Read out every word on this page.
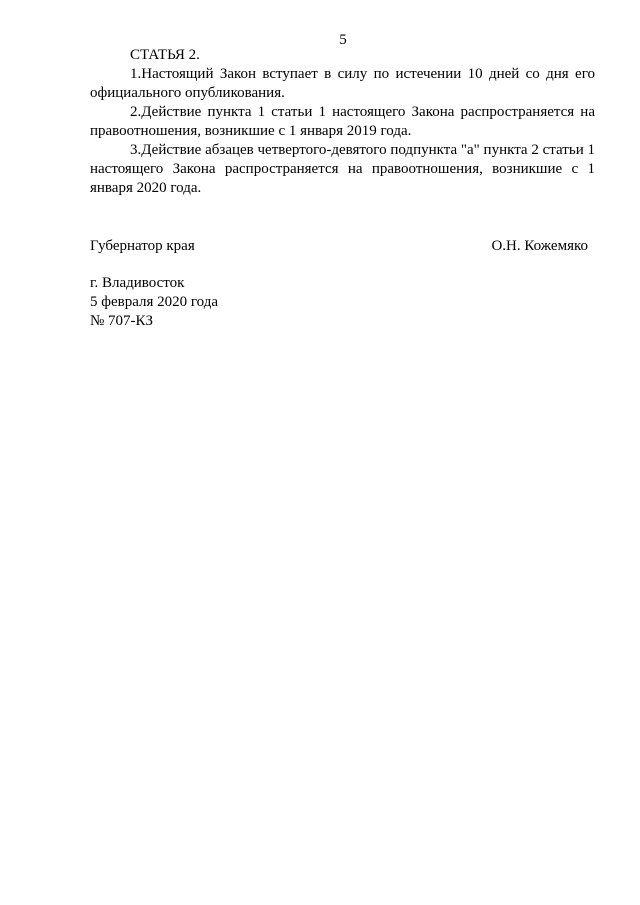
5

СТАТЬЯ 2.

1.Настоящий Закон вступает в силу по истечении 10 дней со дня его официального опубликования.

2.Действие пункта 1 статьи 1 настоящего Закона распространяется на правоотношения, возникшие с 1 января 2019 года.

3.Действие абзацев четвертого-девятого подпункта "а" пункта 2 статьи 1 настоящего Закона распространяется на правоотношения, возникшие с 1 января 2020 года.

Губернатор края	О.Н. Кожемяко
г. Владивосток
5 февраля 2020 года
№ 707-КЗ
